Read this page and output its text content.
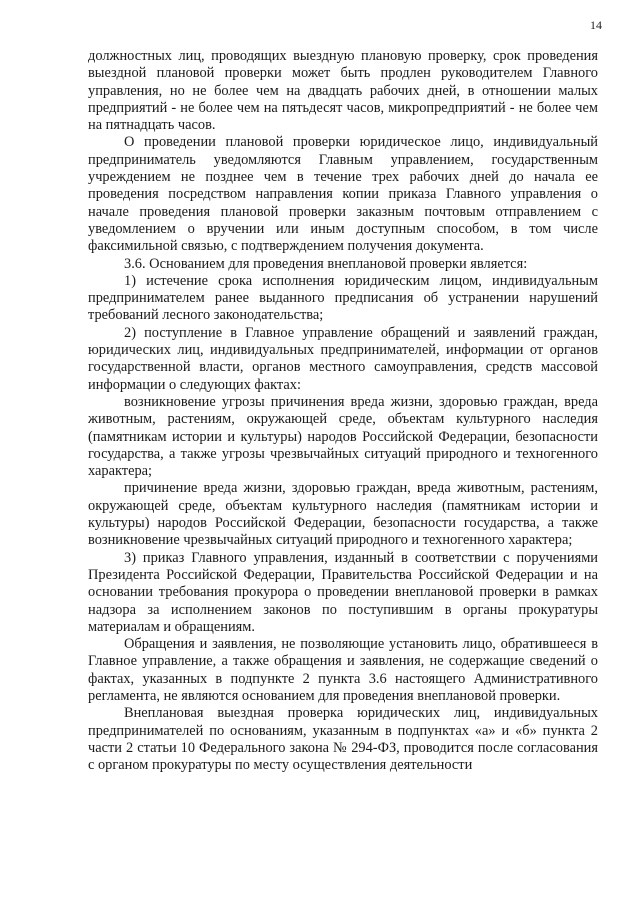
14

должностных лиц, проводящих выездную плановую проверку, срок проведения выездной плановой проверки может быть продлен руководителем Главного управления, но не более чем на двадцать рабочих дней, в отношении малых предприятий - не более чем на пятьдесят часов, микропредприятий - не более чем на пятнадцать часов.

О проведении плановой проверки юридическое лицо, индивидуальный предприниматель уведомляются Главным управлением, государственным учреждением не позднее чем в течение трех рабочих дней до начала ее проведения посредством направления копии приказа Главного управления о начале проведения плановой проверки заказным почтовым отправлением с уведомлением о вручении или иным доступным способом, в том числе факсимильной связью, с подтверждением получения документа.

3.6. Основанием для проведения внеплановой проверки является:

1) истечение срока исполнения юридическим лицом, индивидуальным предпринимателем ранее выданного предписания об устранении нарушений требований лесного законодательства;

2) поступление в Главное управление обращений и заявлений граждан, юридических лиц, индивидуальных предпринимателей, информации от органов государственной власти, органов местного самоуправления, средств массовой информации о следующих фактах:

возникновение угрозы причинения вреда жизни, здоровью граждан, вреда животным, растениям, окружающей среде, объектам культурного наследия (памятникам истории и культуры) народов Российской Федерации, безопасности государства, а также угрозы чрезвычайных ситуаций природного и техногенного характера;

причинение вреда жизни, здоровью граждан, вреда животным, растениям, окружающей среде, объектам культурного наследия (памятникам истории и культуры) народов Российской Федерации, безопасности государства, а также возникновение чрезвычайных ситуаций природного и техногенного характера;

3) приказ Главного управления, изданный в соответствии с поручениями Президента Российской Федерации, Правительства Российской Федерации и на основании требования прокурора о проведении внеплановой проверки в рамках надзора за исполнением законов по поступившим в органы прокуратуры материалам и обращениям.

Обращения и заявления, не позволяющие установить лицо, обратившееся в Главное управление, а также обращения и заявления, не содержащие сведений о фактах, указанных в подпункте 2 пункта 3.6 настоящего Административного регламента, не являются основанием для проведения внеплановой проверки.

Внеплановая выездная проверка юридических лиц, индивидуальных предпринимателей по основаниям, указанным в подпунктах «а» и «б» пункта 2 части 2 статьи 10 Федерального закона № 294-ФЗ, проводится после согласования с органом прокуратуры по месту осуществления деятельности
